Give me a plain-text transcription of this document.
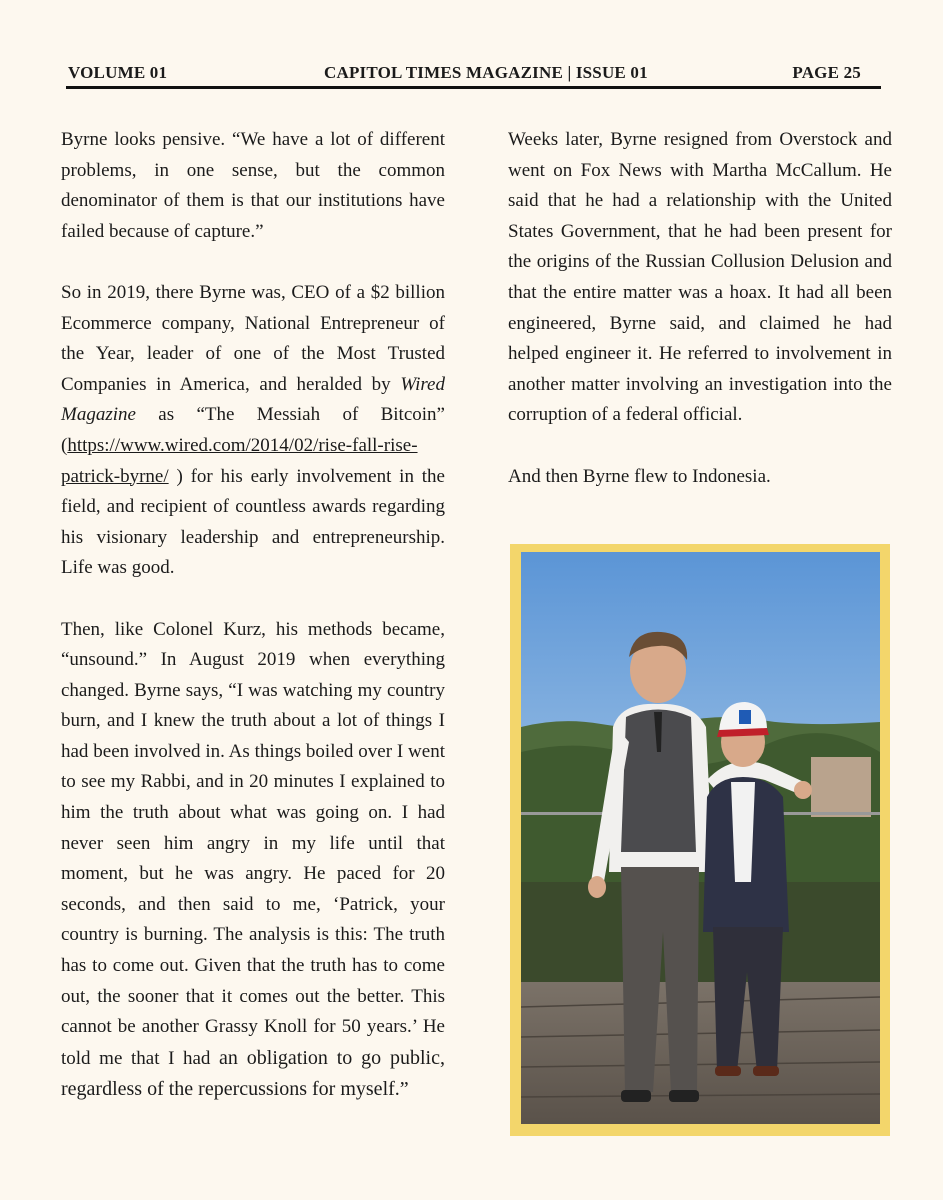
VOLUME 01	CAPITOL TIMES MAGAZINE | ISSUE 01	PAGE 25

Byrne looks pensive. “We have a lot of different problems, in one sense, but the common denominator of them is that our institutions have failed because of capture.”

So in 2019, there Byrne was, CEO of a $2 billion Ecommerce company, National Entrepreneur of the Year, leader of one of the Most Trusted Companies in America, and heralded by Wired Magazine as “The Messiah of Bitcoin” (https://www.wired.com/2014/02/rise-fall-rise- patrick-byrne/ ) for his early involvement in the field, and recipient of countless awards regarding his visionary leadership and entrepreneurship. Life was good.

Then, like Colonel Kurz, his methods became, “unsound.” In August 2019 when everything changed. Byrne says, “I was watching my country burn, and I knew the truth about a lot of things I had been involved in. As things boiled over I went to see my Rabbi, and in 20 minutes I explained to him the truth about what was going on. I had never seen him angry in my life until that moment, but he was angry. He paced for 20 seconds, and then said to me, ‘Patrick, your country is burning. The analysis is this: The truth has to come out. Given that the truth has to come out, the sooner that it comes out the better. This cannot be another Grassy Knoll for 50 years.’ He told me that I had an obligation to go public, regardless of the repercussions for myself.”

Weeks later, Byrne resigned from Overstock and went on Fox News with Martha McCallum. He said that he had a relationship with the United States Government, that he had been present for the origins of the Russian Collusion Delusion and that the entire matter was a hoax. It had all been engineered, Byrne said, and claimed he had helped engineer it. He referred to involvement in another matter involving an investigation into the corruption of a federal official.

And then Byrne flew to Indonesia.
